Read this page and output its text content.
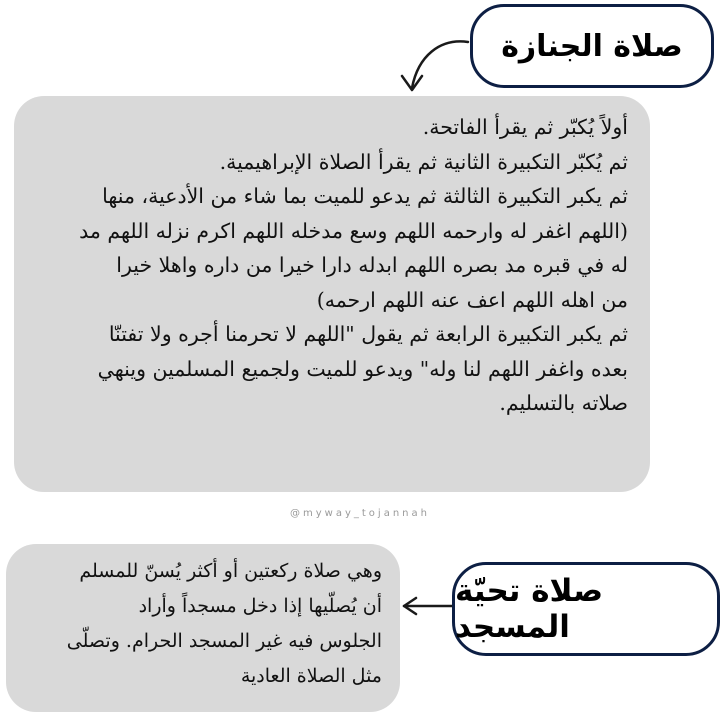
صلاة الجنازة
أولاً يُكبّر ثم يقرأ الفاتحة.
ثم يُكبّر التكبيرة الثانية ثم يقرأ الصلاة الإبراهيمية.
ثم يكبر التكبيرة الثالثة ثم يدعو للميت بما شاء من الأدعية، منها
(اللهم اغفر له وارحمه اللهم وسع مدخله اللهم اكرم نزله اللهم مد
له في قبره مد بصره اللهم ابدله دارا خيرا من داره واهلا خيرا
من اهله اللهم اعف عنه اللهم ارحمه)
ثم يكبر التكبيرة الرابعة ثم يقول "اللهم لا تحرمنا أجره ولا تفتنّا
بعده واغفر اللهم لنا وله" ويدعو للميت ولجميع المسلمين وينهي
صلاته بالتسليم.
@myway_tojannah
وهي صلاة ركعتين أو أكثر يُسنّ للمسلم
أن يُصلّيها إذا دخل مسجداً وأراد
الجلوس فيه غير المسجد الحرام. وتصلّى
مثل الصلاة العادية
صلاة تحيّة المسجد
